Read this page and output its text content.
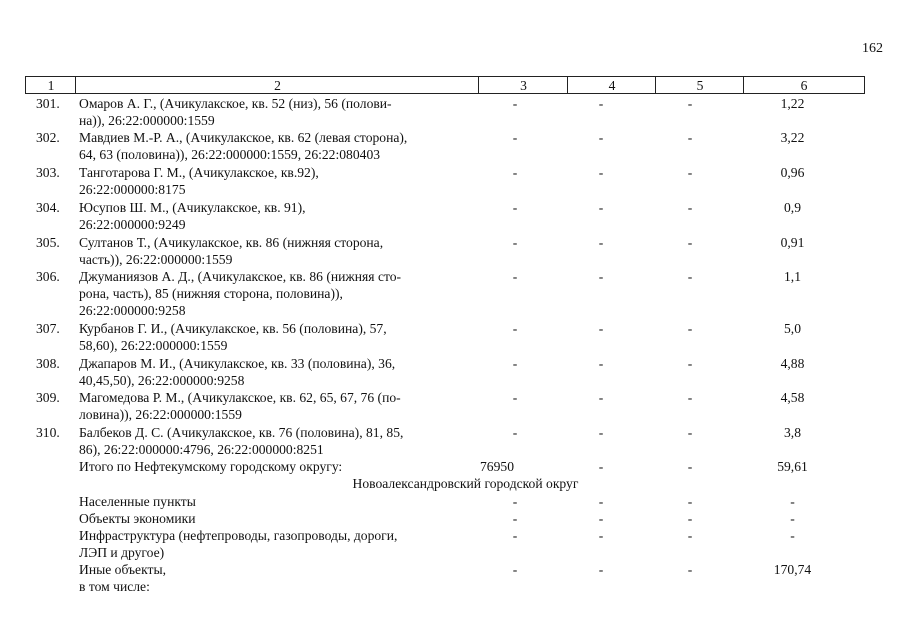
162
1	2	3	4	5	6
301. Омаров А. Г., (Ачикулакское, кв. 52 (низ), 56 (полови-
на)), 26:22:000000:1559
-	-	-	1,22
302. Мавдиев М.-Р. А., (Ачикулакское, кв. 62 (левая сторона),
64, 63 (половина)), 26:22:000000:1559, 26:22:080403
-	-	-	3,22
303. Танготарова Г. М., (Ачикулакское, кв.92),
26:22:000000:8175
-	-	-	0,96
304. Юсупов Ш. М., (Ачикулакское, кв. 91),
26:22:000000:9249
-	-	-	0,9
305. Султанов Т., (Ачикулакское, кв. 86 (нижняя сторона,
часть)), 26:22:000000:1559
-	-	-	0,91
306. Джуманиязов А. Д., (Ачикулакское, кв. 86 (нижняя сто-
рона, часть), 85 (нижняя сторона, половина)),
26:22:000000:9258
-	-	-	1,1
307. Курбанов Г. И., (Ачикулакское, кв. 56 (половина), 57,
58,60), 26:22:000000:1559
-	-	-	5,0
308. Джапаров М. И., (Ачикулакское, кв. 33 (половина), 36,
40,45,50), 26:22:000000:9258
-	-	-	4,88
309. Магомедова Р. М., (Ачикулакское, кв. 62, 65, 67, 76 (по-
ловина)), 26:22:000000:1559
-	-	-	4,58
310. Балбеков Д. С. (Ачикулакское, кв. 76 (половина), 81, 85,
86), 26:22:000000:4796, 26:22:000000:8251
-	-	-	3,8
Итого по Нефтекумскому городскому округу:	76950	-	-	59,61
Новоалександровский городской округ
Населенные пункты	-	-	-	-
Объекты экономики	-	-	-	-
Инфраструктура (нефтепроводы, газопроводы, дороги,
ЛЭП и другое)
-	-	-	-
Иные объекты,
в том числе:
-	-	-	170,74
